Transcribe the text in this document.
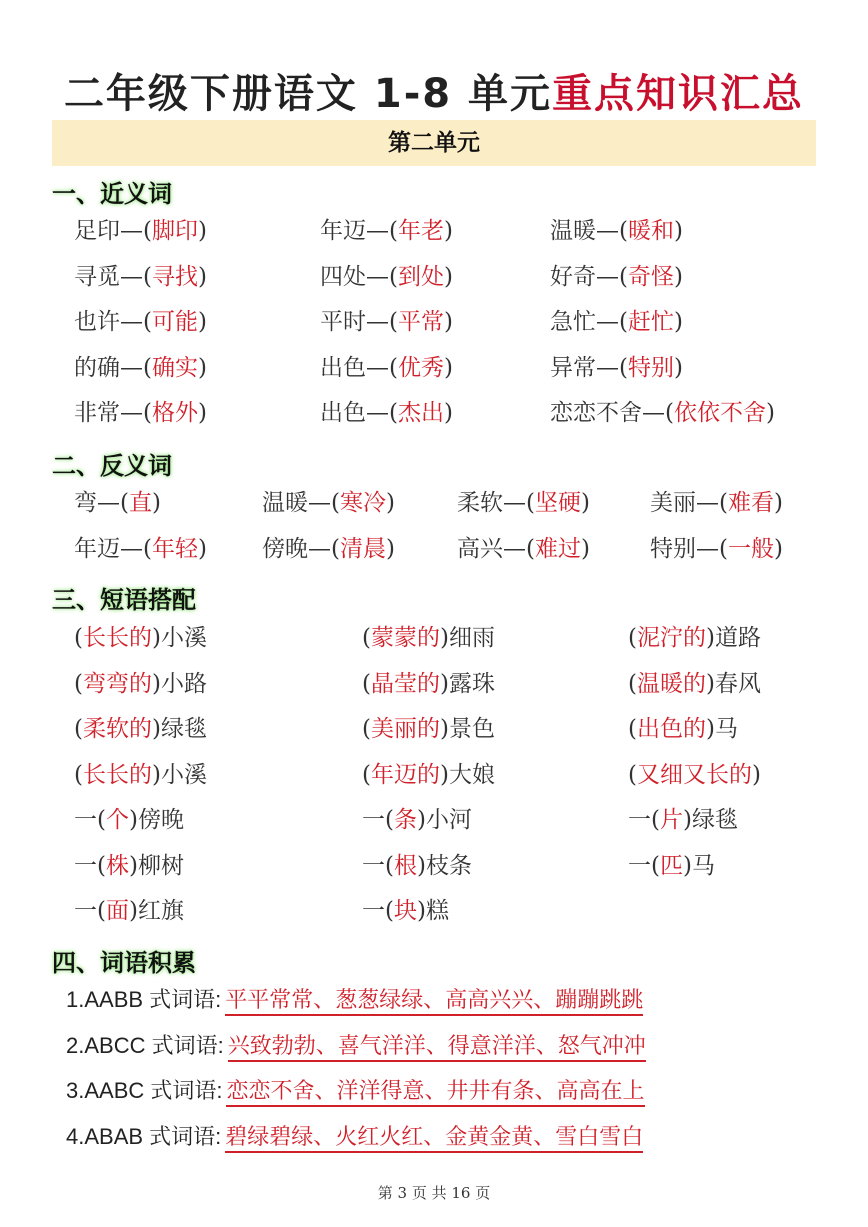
二年级下册语文 1-8 单元重点知识汇总
第二单元
一、近义词
足印—(脚印)	年迈—(年老)	温暖—(暖和)
寻觅—(寻找)	四处—(到处)	好奇—(奇怪)
也许—(可能)	平时—(平常)	急忙—(赶忙)
的确—(确实)	出色—(优秀)	异常—(特别)
非常—(格外)	出色—(杰出)	恋恋不舍—(依依不舍)
二、反义词
弯—(直)	温暖—(寒冷)	柔软—(坚硬)	美丽—(难看)
年迈—(年轻) 傍晚—(清晨)	高兴—(难过)	特别—(一般)
三、短语搭配
(长长的)小溪	(蒙蒙的)细雨	(泥泞的)道路
(弯弯的)小路	(晶莹的)露珠	(温暖的)春风
(柔软的)绿毯	(美丽的)景色	(出色的)马
(长长的)小溪	(年迈的)大娘	(又细又长的)
一(个)傍晚	一(条)小河	一(片)绿毯
一(株)柳树	一(根)枝条	一(匹)马
一(面)红旗	一(块)糕
四、词语积累
1.AABB 式词语: 平平常常、葱葱绿绿、高高兴兴、蹦蹦跳跳
2.ABCC 式词语: 兴致勃勃、喜气洋洋、得意洋洋、怒气冲冲
3.AABC 式词语: 恋恋不舍、洋洋得意、井井有条、高高在上
4.ABAB 式词语: 碧绿碧绿、火红火红、金黄金黄、雪白雪白
第 3 页 共 16 页
